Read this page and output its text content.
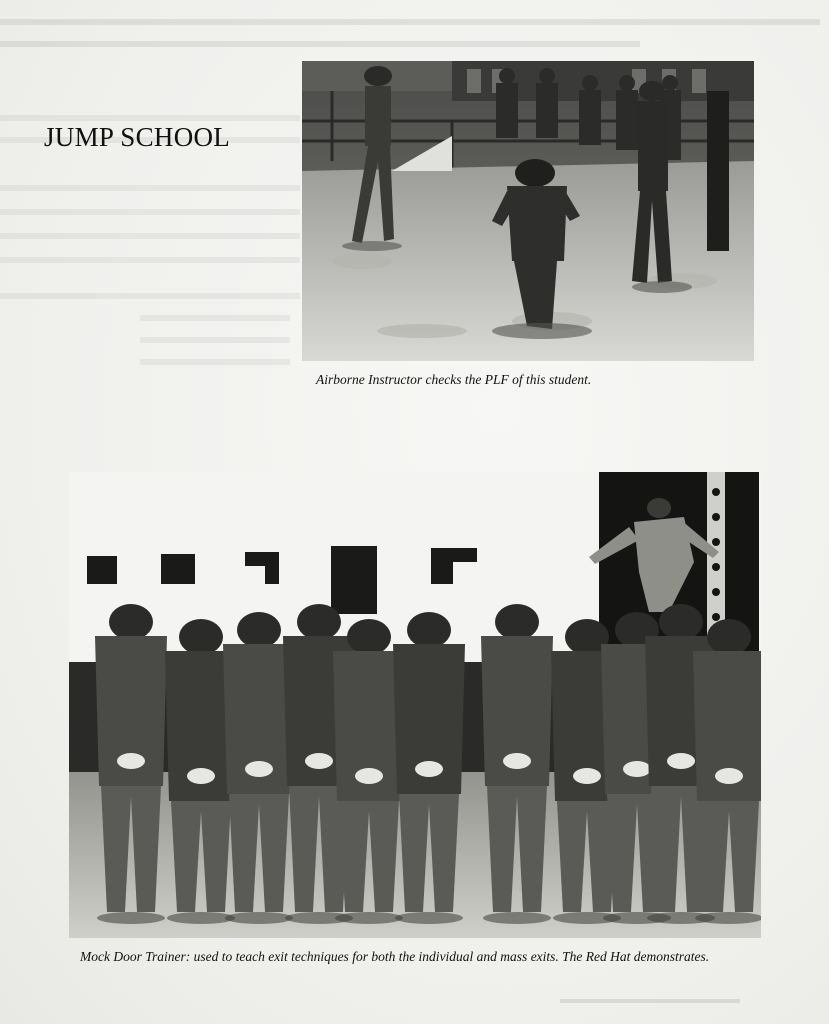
JUMP SCHOOL
Airborne Instructor checks the PLF of this student.
Mock Door Trainer: used to teach exit techniques for both the individual and mass exits. The Red Hat demonstrates.
